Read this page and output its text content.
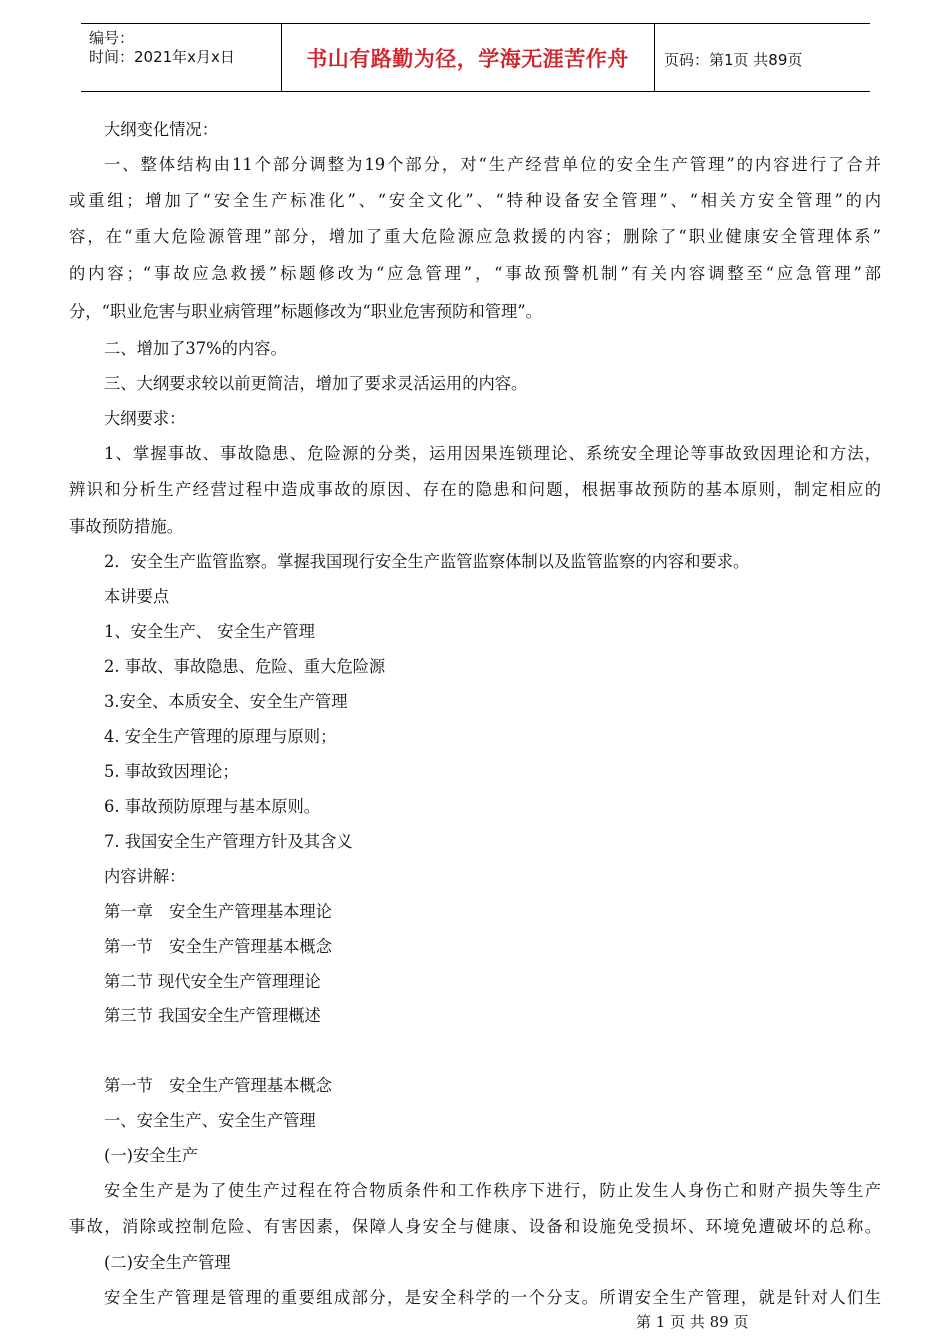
编号：
时间：2021年x月x日	书山有路勤为径，学海无涯苦作舟	页码：第1页 共89页
大纲变化情况：
一、整体结构由11个部分调整为19个部分，对“生产经营单位的安全生产管理”的内容进行了合并
或重组；增加了“安全生产标准化”、“安全文化”、“特种设备安全管理”、“相关方安全管理”的内
容，在“重大危险源管理”部分，增加了重大危险源应急救援的内容；删除了“职业健康安全管理体系”
的内容；“事故应急救援”标题修改为“应急管理”，“事故预警机制”有关内容调整至“应急管理”部
分，“职业危害与职业病管理”标题修改为“职业危害预防和管理”。
二、增加了37%的内容。
三、大纲要求较以前更简洁，增加了要求灵活运用的内容。
大纲要求：
1、掌握事故、事故隐患、危险源的分类，运用因果连锁理论、系统安全理论等事故致因理论和方法，
辨识和分析生产经营过程中造成事故的原因、存在的隐患和问题，根据事故预防的基本原则，制定相应的
事故预防措施。
2．安全生产监管监察。掌握我国现行安全生产监管监察体制以及监管监察的内容和要求。
本讲要点
1、安全生产、 安全生产管理
2. 事故、事故隐患、危险、重大危险源
3.安全、本质安全、安全生产管理
4. 安全生产管理的原理与原则；
5. 事故致因理论；
6. 事故预防原理与基本原则。
7. 我国安全生产管理方针及其含义
内容讲解：
第一章　安全生产管理基本理论
第一节　安全生产管理基本概念
第二节 现代安全生产管理理论
第三节 我国安全生产管理概述
第一节　安全生产管理基本概念
一、安全生产、安全生产管理
(一)安全生产
安全生产是为了使生产过程在符合物质条件和工作秩序下进行，防止发生人身伤亡和财产损失等生产
事故，消除或控制危险、有害因素，保障人身安全与健康、设备和设施免受损坏、环境免遭破坏的总称。
(二)安全生产管理
安全生产管理是管理的重要组成部分，是安全科学的一个分支。所谓安全生产管理，就是针对人们生
第 1 页 共 89 页
